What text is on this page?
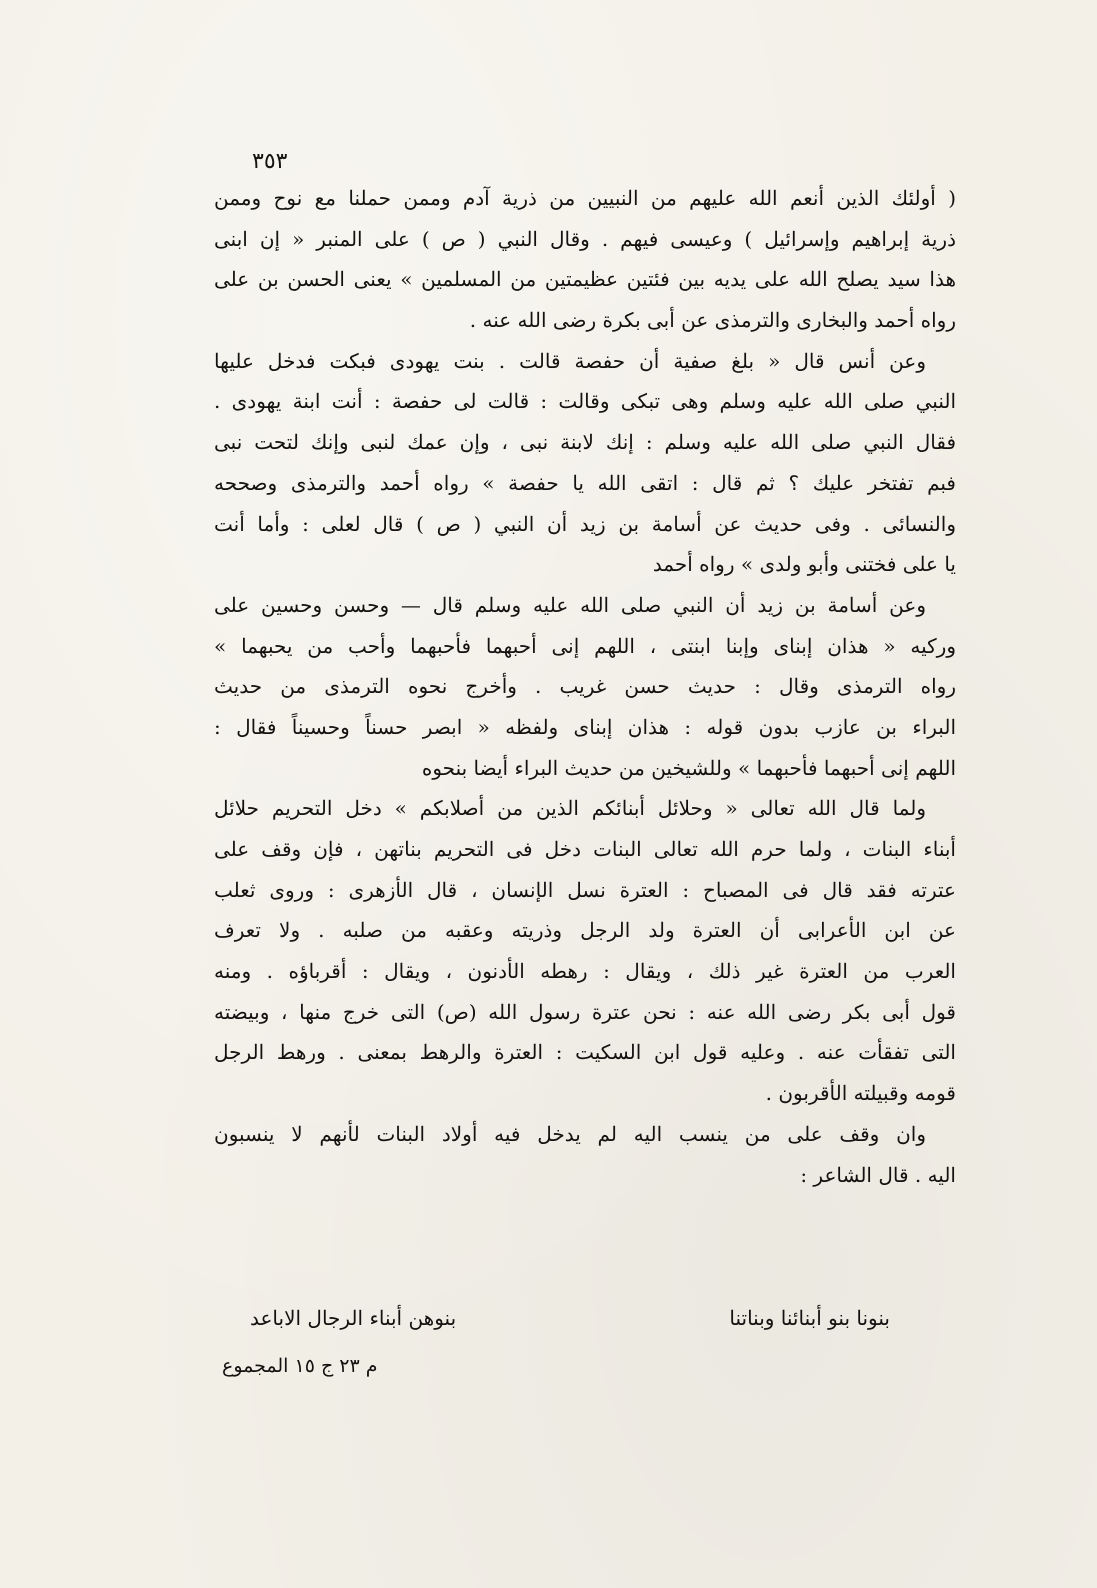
٣٥٣
( أولئك الذين أنعم الله عليهم من النبيين من ذرية آدم وممن حملنا مع نوح وممن
ذرية إبراهيم وإسرائيل ) وعيسى فيهم . وقال النبي ( ص ) على المنبر « إن ابنى
هذا سيد يصلح الله على يديه بين فئتين عظيمتين من المسلمين » يعنى الحسن بن على
رواه أحمد والبخارى والترمذى عن أبى بكرة رضى الله عنه .
وعن أنس قال « بلغ صفية أن حفصة قالت . بنت يهودى فبكت فدخل عليها
النبي صلى الله عليه وسلم وهى تبكى وقالت : قالت لى حفصة : أنت ابنة يهودى .
فقال النبي صلى الله عليه وسلم : إنك لابنة نبى ، وإن عمك لنبى وإنك لتحت نبى
فبم تفتخر عليك ؟ ثم قال : اتقى الله يا حفصة » رواه أحمد والترمذى وصححه
والنسائى . وفى حديث عن أسامة بن زيد أن النبي ( ص ) قال لعلى : وأما أنت
يا على فختنى وأبو ولدى » رواه أحمد
وعن أسامة بن زيد أن النبي صلى الله عليه وسلم قال — وحسن وحسين على
وركيه « هذان إبناى وإبنا ابنتى ، اللهم إنى أحبهما فأحبهما وأحب من يحبهما »
رواه الترمذى وقال : حديث حسن غريب . وأخرج نحوه الترمذى من حديث
البراء بن عازب بدون قوله : هذان إبناى ولفظه « ابصر حسناً وحسيناً فقال :
اللهم إنى أحبهما فأحبهما » وللشيخين من حديث البراء أيضا بنحوه
ولما قال الله تعالى « وحلائل أبنائكم الذين من أصلابكم » دخل التحريم حلائل
أبناء البنات ، ولما حرم الله تعالى البنات دخل فى التحريم بناتهن ، فإن وقف على
عترته فقد قال فى المصباح : العترة نسل الإنسان ، قال الأزهرى : وروى ثعلب
عن ابن الأعرابى أن العترة ولد الرجل وذريته وعقبه من صلبه . ولا تعرف
العرب من العترة غير ذلك ، ويقال : رهطه الأدنون ، ويقال : أقرباؤه . ومنه
قول أبى بكر رضى الله عنه : نحن عترة رسول الله (ص) التى خرج منها ، وبيضته
التى تفقأت عنه . وعليه قول ابن السكيت : العترة والرهط بمعنى . ورهط الرجل
قومه وقبيلته الأقربون .
وان وقف على من ينسب اليه لم يدخل فيه أولاد البنات لأنهم لا ينسبون
اليه . قال الشاعر :
بنونا بنو أبنائنا وبناتنا
بنوهن أبناء الرجال الاباعد
م ٢٣ ج ١٥ المجموع
